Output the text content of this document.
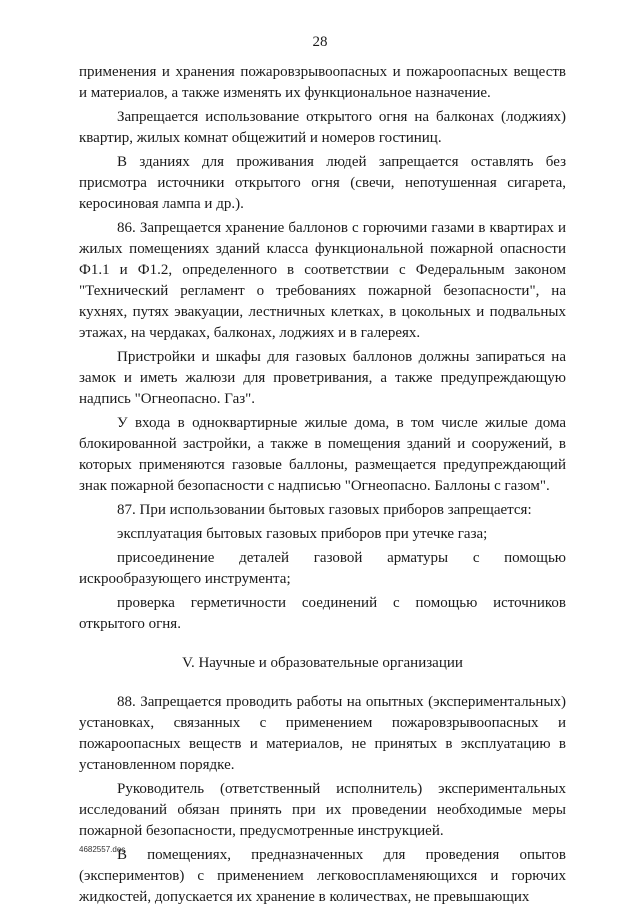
28

применения и хранения пожаровзрывоопасных и пожароопасных веществ и материалов, а также изменять их функциональное назначение.

Запрещается использование открытого огня на балконах (лоджиях) квартир, жилых комнат общежитий и номеров гостиниц.

В зданиях для проживания людей запрещается оставлять без присмотра источники открытого огня (свечи, непотушенная сигарета, керосиновая лампа и др.).

86. Запрещается хранение баллонов с горючими газами в квартирах и жилых помещениях зданий класса функциональной пожарной опасности Ф1.1 и Ф1.2, определенного в соответствии с Федеральным законом "Технический регламент о требованиях пожарной безопасности", на кухнях, путях эвакуации, лестничных клетках, в цокольных и подвальных этажах, на чердаках, балконах, лоджиях и в галереях.

Пристройки и шкафы для газовых баллонов должны запираться на замок и иметь жалюзи для проветривания, а также предупреждающую надпись "Огнеопасно. Газ".

У входа в одноквартирные жилые дома, в том числе жилые дома блокированной застройки, а также в помещения зданий и сооружений, в которых применяются газовые баллоны, размещается предупреждающий знак пожарной безопасности с надписью "Огнеопасно. Баллоны с газом".

87. При использовании бытовых газовых приборов запрещается:

эксплуатация бытовых газовых приборов при утечке газа;

присоединение деталей газовой арматуры с помощью искрообразующего инструмента;

проверка герметичности соединений с помощью источников открытого огня.

V. Научные и образовательные организации

88. Запрещается проводить работы на опытных (экспериментальных) установках, связанных с применением пожаровзрывоопасных и пожароопасных веществ и материалов, не принятых в эксплуатацию в установленном порядке.

Руководитель (ответственный исполнитель) экспериментальных исследований обязан принять при их проведении необходимые меры пожарной безопасности, предусмотренные инструкцией.

В помещениях, предназначенных для проведения опытов (экспериментов) с применением легковоспламеняющихся и горючих жидкостей, допускается их хранение в количествах, не превышающих

4682557.doc
